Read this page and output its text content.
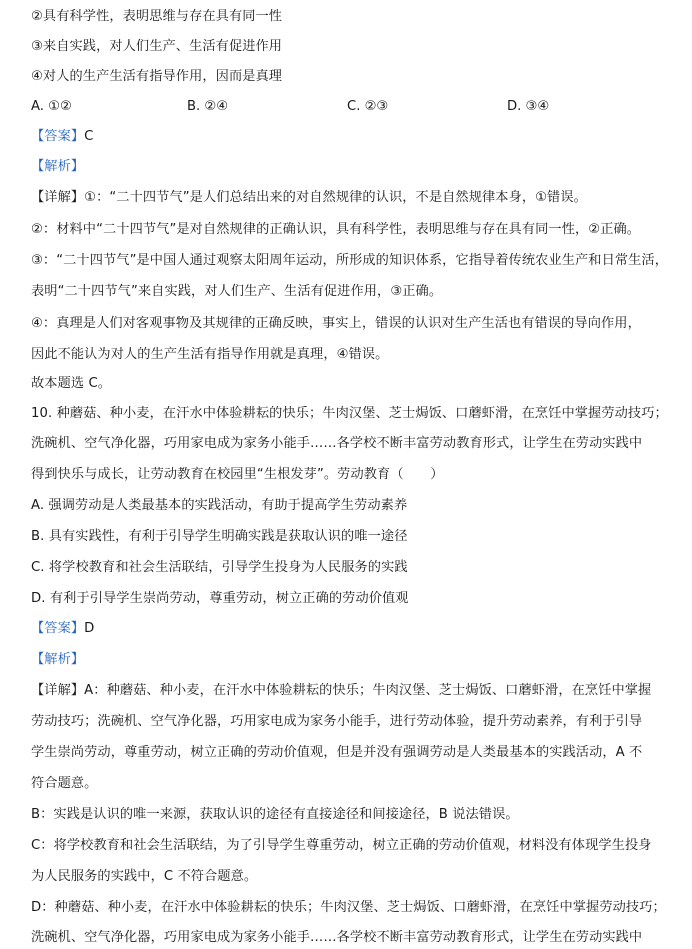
②具有科学性，表明思维与存在具有同一性
③来自实践，对人们生产、生活有促进作用
④对人的生产生活有指导作用，因而是真理
A. ①②	B. ②④	C. ②③	D. ③④
【答案】C
【解析】
【详解】①：“二十四节气”是人们总结出来的对自然规律的认识，不是自然规律本身，①错误。
②：材料中“二十四节气”是对自然规律的正确认识，具有科学性，表明思维与存在具有同一性，②正确。
③：“二十四节气”是中国人通过观察太阳周年运动，所形成的知识体系，它指导着传统农业生产和日常生活，
表明“二十四节气”来自实践，对人们生产、生活有促进作用，③正确。
④：真理是人们对客观事物及其规律的正确反映，事实上，错误的认识对生产生活也有错误的导向作用，
因此不能认为对人的生产生活有指导作用就是真理，④错误。
故本题选 C。
10. 种蘑菇、种小麦，在汗水中体验耕耘的快乐；牛肉汉堡、芝士焗饭、口蘑虾滑，在烹饪中掌握劳动技巧；
洗碗机、空气净化器，巧用家电成为家务小能手……各学校不断丰富劳动教育形式，让学生在劳动实践中
得到快乐与成长，让劳动教育在校园里“生根发芽”。劳动教育（　　）
A. 强调劳动是人类最基本的实践活动，有助于提高学生劳动素养
B. 具有实践性，有利于引导学生明确实践是获取认识的唯一途径
C. 将学校教育和社会生活联结，引导学生投身为人民服务的实践
D. 有利于引导学生崇尚劳动，尊重劳动，树立正确的劳动价值观
【答案】D
【解析】
【详解】A：种蘑菇、种小麦，在汗水中体验耕耘的快乐；牛肉汉堡、芝士焗饭、口蘑虾滑，在烹饪中掌握
劳动技巧；洗碗机、空气净化器，巧用家电成为家务小能手，进行劳动体验，提升劳动素养，有利于引导
学生崇尚劳动，尊重劳动，树立正确的劳动价值观，但是并没有强调劳动是人类最基本的实践活动，A 不
符合题意。
B：实践是认识的唯一来源，获取认识的途径有直接途径和间接途径，B 说法错误。
C：将学校教育和社会生活联结，为了引导学生尊重劳动，树立正确的劳动价值观，材料没有体现学生投身
为人民服务的实践中，C 不符合题意。
D：种蘑菇、种小麦，在汗水中体验耕耘的快乐；牛肉汉堡、芝士焗饭、口蘑虾滑，在烹饪中掌握劳动技巧；
洗碗机、空气净化器，巧用家电成为家务小能手……各学校不断丰富劳动教育形式，让学生在劳动实践中
